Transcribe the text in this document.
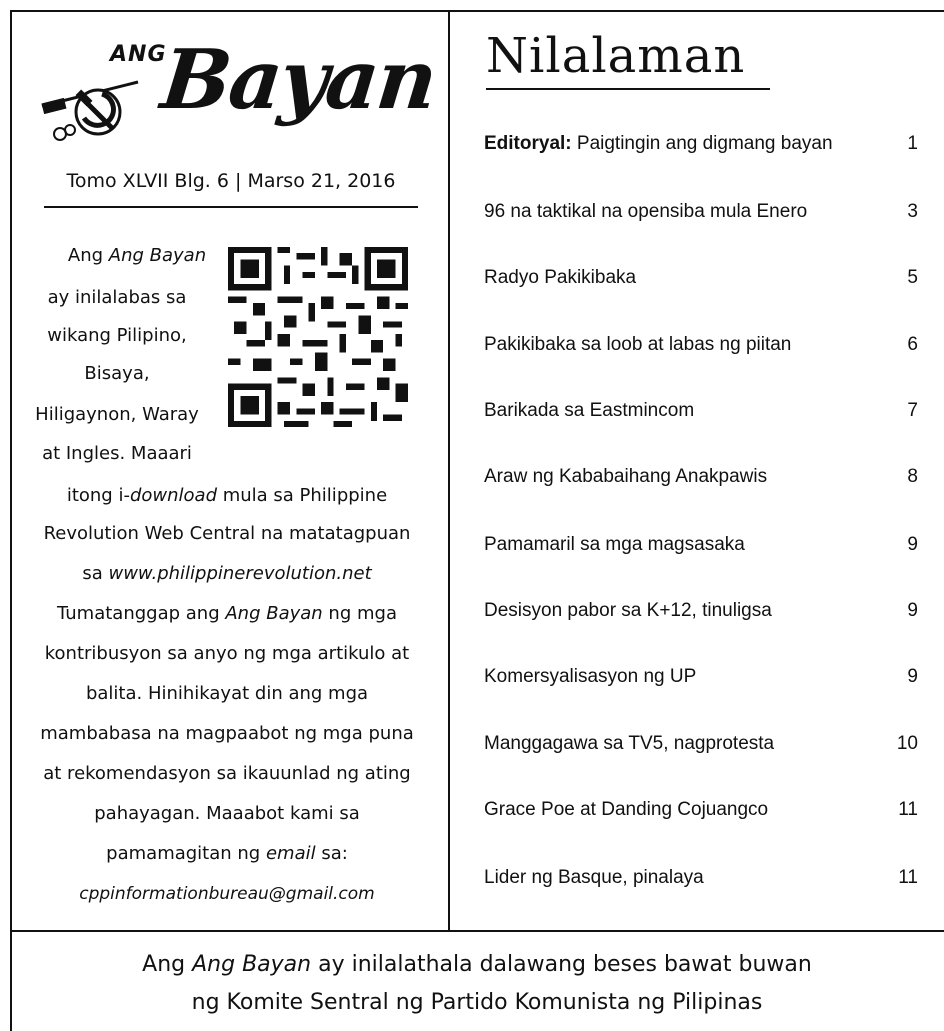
ANG
Bayan
Tomo XLVII Blg. 6 | Marso 21, 2016
Ang Ang Bayan
ay inilalabas sa
wikang Pilipino,
Bisaya,
Hiligaynon, Waray
at Ingles. Maaari
itong i-download mula sa Philippine
Revolution Web Central na matatagpuan
sa www.philippinerevolution.net
Tumatanggap ang Ang Bayan ng mga
kontribusyon sa anyo ng mga artikulo at
balita. Hinihikayat din ang mga
mambabasa na magpaabot ng mga puna
at rekomendasyon sa ikauunlad ng ating
pahayagan. Maaabot kami sa
pamamagitan ng email sa:
cppinformationbureau@gmail.com
Nilalaman
Editoryal: Paigtingin ang digmang bayan	1
96 na taktikal na opensiba mula Enero	3
Radyo Pakikibaka	5
Pakikibaka sa loob at labas ng piitan	6
Barikada sa Eastmincom	7
Araw ng Kababaihang Anakpawis	8
Pamamaril sa mga magsasaka	9
Desisyon pabor sa K+12, tinuligsa	9
Komersyalisasyon ng UP	9
Manggagawa sa TV5, nagprotesta	10
Grace Poe at Danding Cojuangco	11
Lider ng Basque, pinalaya	11
Ang Ang Bayan ay inilalathala dalawang beses bawat buwan
ng Komite Sentral ng Partido Komunista ng Pilipinas
